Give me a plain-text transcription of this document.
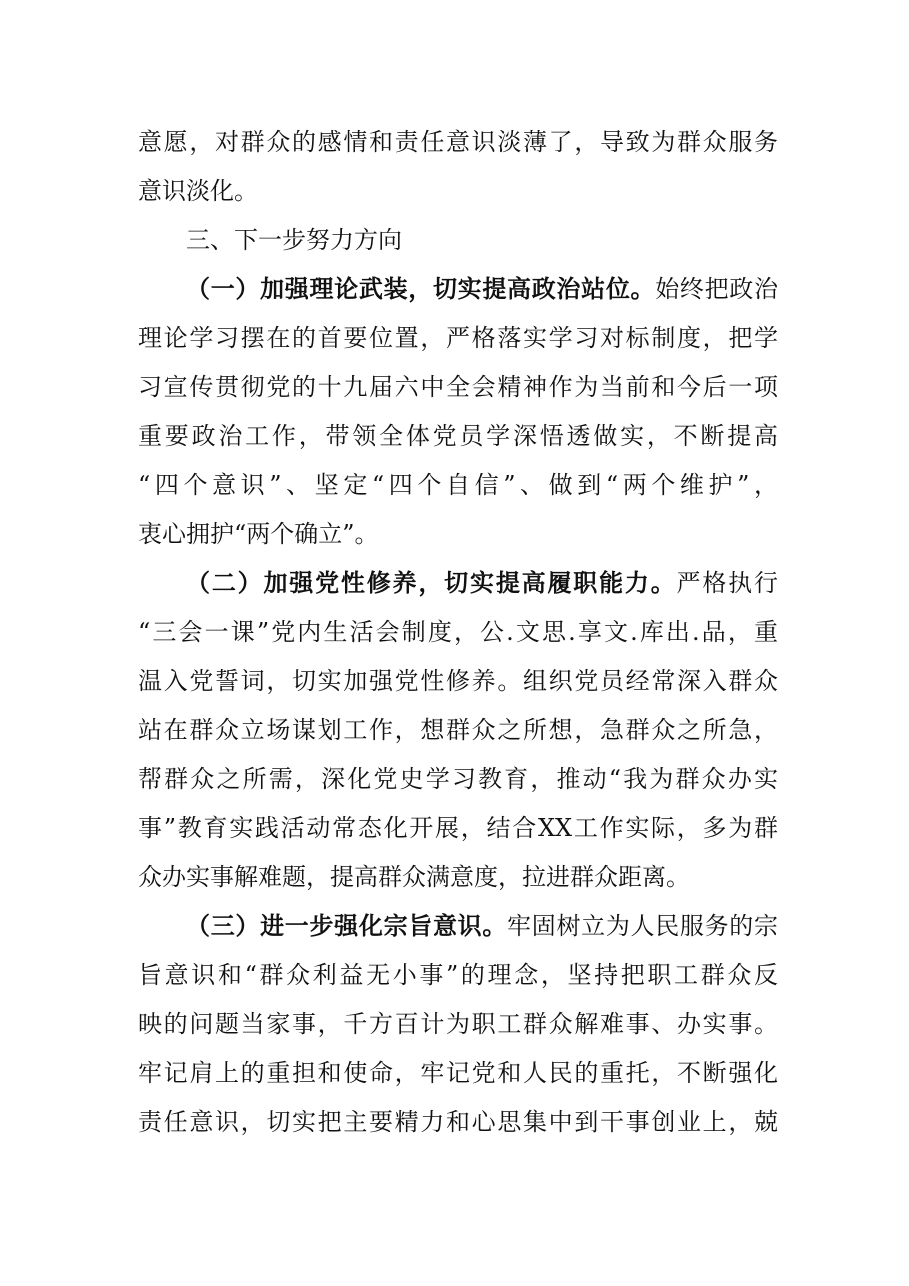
意愿，对群众的感情和责任意识淡薄了，导致为群众服务
意识淡化。
三、下一步努力方向
（一）加强理论武装，切实提高政治站位。始终把政治
理论学习摆在的首要位置，严格落实学习对标制度，把学
习宣传贯彻党的十九届六中全会精神作为当前和今后一项
重要政治工作，带领全体党员学深悟透做实，不断提高
“四个意识”、坚定“四个自信”、做到“两个维护”，
衷心拥护“两个确立”。
（二）加强党性修养，切实提高履职能力。严格执行
“三会一课”党内生活会制度，公.文思.享文.库出.品，重
温入党誓词，切实加强党性修养。组织党员经常深入群众
站在群众立场谋划工作，想群众之所想，急群众之所急，
帮群众之所需，深化党史学习教育，推动“我为群众办实
事”教育实践活动常态化开展，结合XX工作实际，多为群
众办实事解难题，提高群众满意度，拉进群众距离。
（三）进一步强化宗旨意识。牢固树立为人民服务的宗
旨意识和“群众利益无小事”的理念，坚持把职工群众反
映的问题当家事，千方百计为职工群众解难事、办实事。
牢记肩上的重担和使命，牢记党和人民的重托，不断强化
责任意识，切实把主要精力和心思集中到干事创业上，兢
